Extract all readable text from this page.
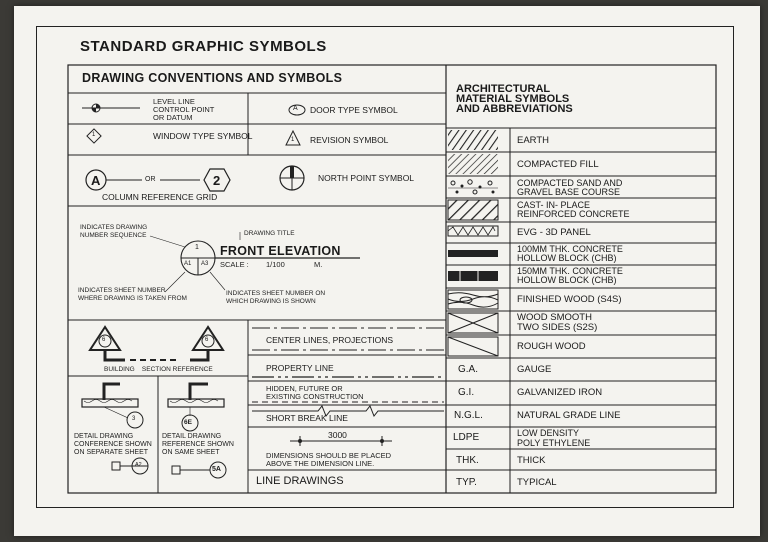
STANDARD GRAPHIC SYMBOLS
DRAWING CONVENTIONS AND SYMBOLS
ARCHITECTURAL
MATERIAL SYMBOLS
AND ABBREVIATIONS
LEVEL LINE
CONTROL POINT
OR DATUM
A DOOR TYPE SYMBOL
1	WINDOW TYPE SYMBOL	1 REVISION SYMBOL
A	OR	2
COLUMN REFERENCE GRID
NORTH POINT SYMBOL
INDICATES DRAWING
NUMBER SEQUENCE	DRAWING TITLE
FRONT ELEVATION
SCALE : 1/100	M.
1
A1 A3
INDICATES SHEET NUMBER
WHERE DRAWING IS TAKEN FROM
INDICATES SHEET NUMBER ON
WHICH DRAWING IS SHOWN
6	6
BUILDING    SECTION REFERENCE
3
A2
DETAIL DRAWING
CONFERENCE SHOWN
ON SEPARATE SHEET
6E
5A
DETAIL DRAWING
REFERENCE SHOWN
ON SAME SHEET
CENTER LINES, PROJECTIONS
PROPERTY LINE
HIDDEN, FUTURE OR
EXISTING CONSTRUCTION
SHORT BREAK LINE
3000
DIMENSIONS SHOULD BE PLACED
ABOVE THE DIMENSION LINE.
LINE DRAWINGS
EARTH
COMPACTED FILL
COMPACTED SAND AND
GRAVEL BASE COURSE
CAST- IN- PLACE
REINFORCED CONCRETE
EVG - 3D PANEL
100MM THK. CONCRETE
HOLLOW BLOCK (CHB)
150MM THK. CONCRETE
HOLLOW BLOCK (CHB)
FINISHED WOOD (S4S)
WOOD SMOOTH
TWO SIDES (S2S)
ROUGH WOOD
G.A.	GAUGE
G.I.	GALVANIZED IRON
N.G.L.	NATURAL GRADE LINE
LDPE	LOW DENSITY
POLY ETHYLENE
THK.	THICK
TYP.	TYPICAL
